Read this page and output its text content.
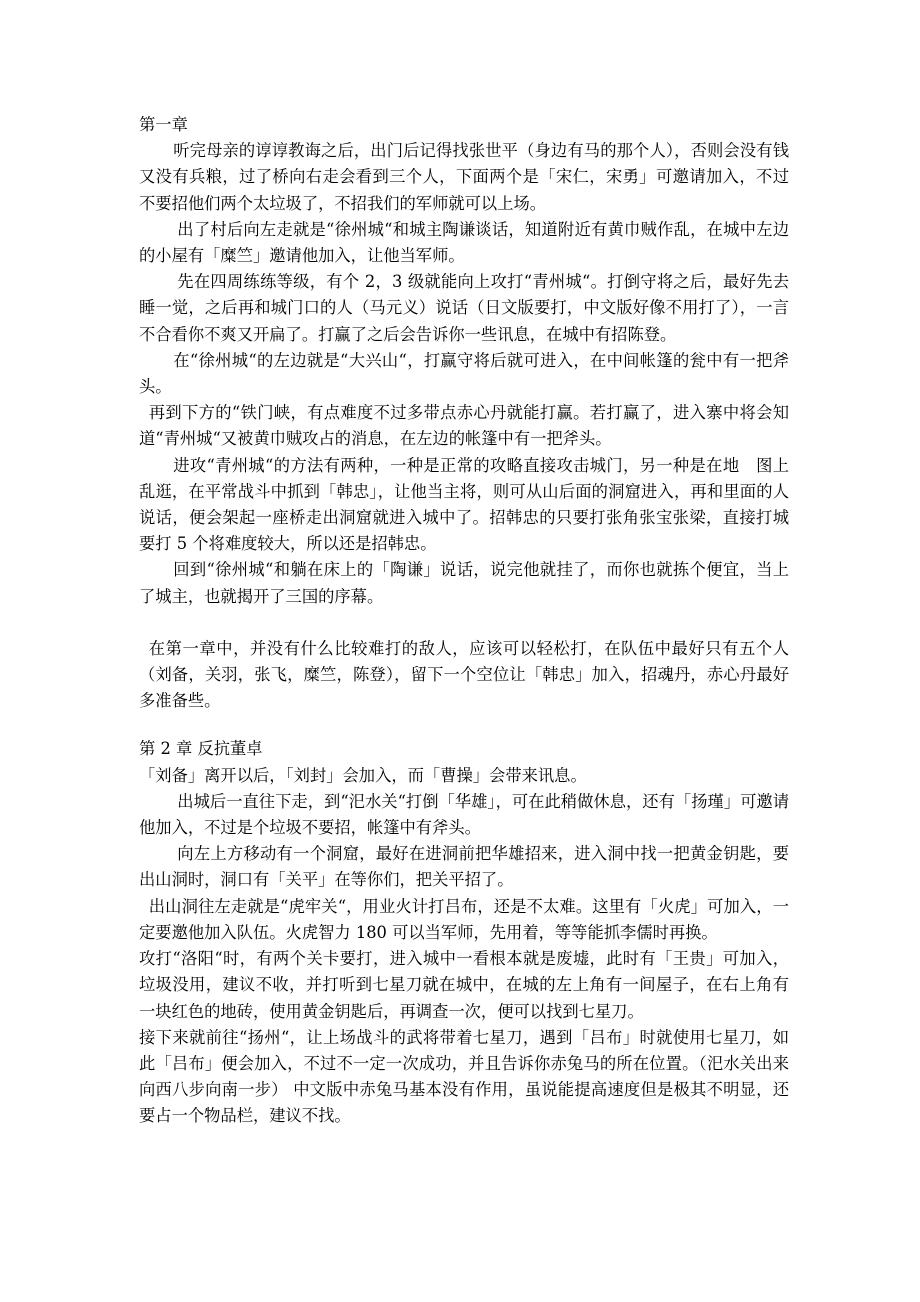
第一章

听完母亲的谆谆教诲之后，出门后记得找张世平（身边有马的那个人），否则会没有钱又没有兵粮，过了桥向右走会看到三个人，下面两个是「宋仁，宋勇」可邀请加入，不过不要招他们两个太垃圾了，不招我们的军师就可以上场。

出了村后向左走就是“徐州城“和城主陶谦谈话，知道附近有黄巾贼作乱，在城中左边的小屋有「糜竺」邀请他加入，让他当军师。

先在四周练练等级，有个 2，3 级就能向上攻打“青州城“。打倒守将之后，最好先去睡一觉，之后再和城门口的人（马元义）说话（日文版要打，中文版好像不用打了），一言不合看你不爽又开扁了。打赢了之后会告诉你一些讯息，在城中有招陈登。

在“徐州城“的左边就是“大兴山“，打赢守将后就可进入，在中间帐篷的瓮中有一把斧头。

再到下方的“铁门峡，有点难度不过多带点赤心丹就能打赢。若打赢了，进入寨中将会知道“青州城“又被黄巾贼攻占的消息，在左边的帐篷中有一把斧头。

进攻“青州城“的方法有两种，一种是正常的攻略直接攻击城门，另一种是在地　图上乱逛，在平常战斗中抓到「韩忠」，让他当主将，则可从山后面的洞窟进入，再和里面的人说话，便会架起一座桥走出洞窟就进入城中了。招韩忠的只要打张角张宝张梁，直接打城要打 5 个将难度较大，所以还是招韩忠。

回到“徐州城“和躺在床上的「陶谦」说话，说完他就挂了，而你也就拣个便宜，当上了城主，也就揭开了三国的序幕。

在第一章中，并没有什么比较难打的敌人，应该可以轻松打，在队伍中最好只有五个人（刘备，关羽，张飞，糜竺，陈登），留下一个空位让「韩忠」加入，招魂丹，赤心丹最好多准备些。

第 2 章 反抗董卓

「刘备」离开以后，「刘封」会加入，而「曹操」会带来讯息。

出城后一直往下走，到“汜水关“打倒「华雄」，可在此稍做休息，还有「扬瑾」可邀请他加入，不过是个垃圾不要招，帐篷中有斧头。

向左上方移动有一个洞窟，最好在进洞前把华雄招来，进入洞中找一把黄金钥匙，要出山洞时，洞口有「关平」在等你们，把关平招了。

出山洞往左走就是“虎牢关“，用业火计打吕布，还是不太难。这里有「火虎」可加入，一定要邀他加入队伍。火虎智力 180 可以当军师，先用着，等等能抓李儒时再换。

攻打“洛阳“时，有两个关卡要打，进入城中一看根本就是废墟，此时有「王贵」可加入，垃圾没用，建议不收，并打听到七星刀就在城中，在城的左上角有一间屋子，在右上角有一块红色的地砖，使用黄金钥匙后，再调查一次，便可以找到七星刀。

接下来就前往“扬州“，让上场战斗的武将带着七星刀，遇到「吕布」时就使用七星刀，如此「吕布」便会加入，不过不一定一次成功，并且告诉你赤兔马的所在位置。（汜水关出来向西八步向南一步） 中文版中赤兔马基本没有作用，虽说能提高速度但是极其不明显，还要占一个物品栏，建议不找。
